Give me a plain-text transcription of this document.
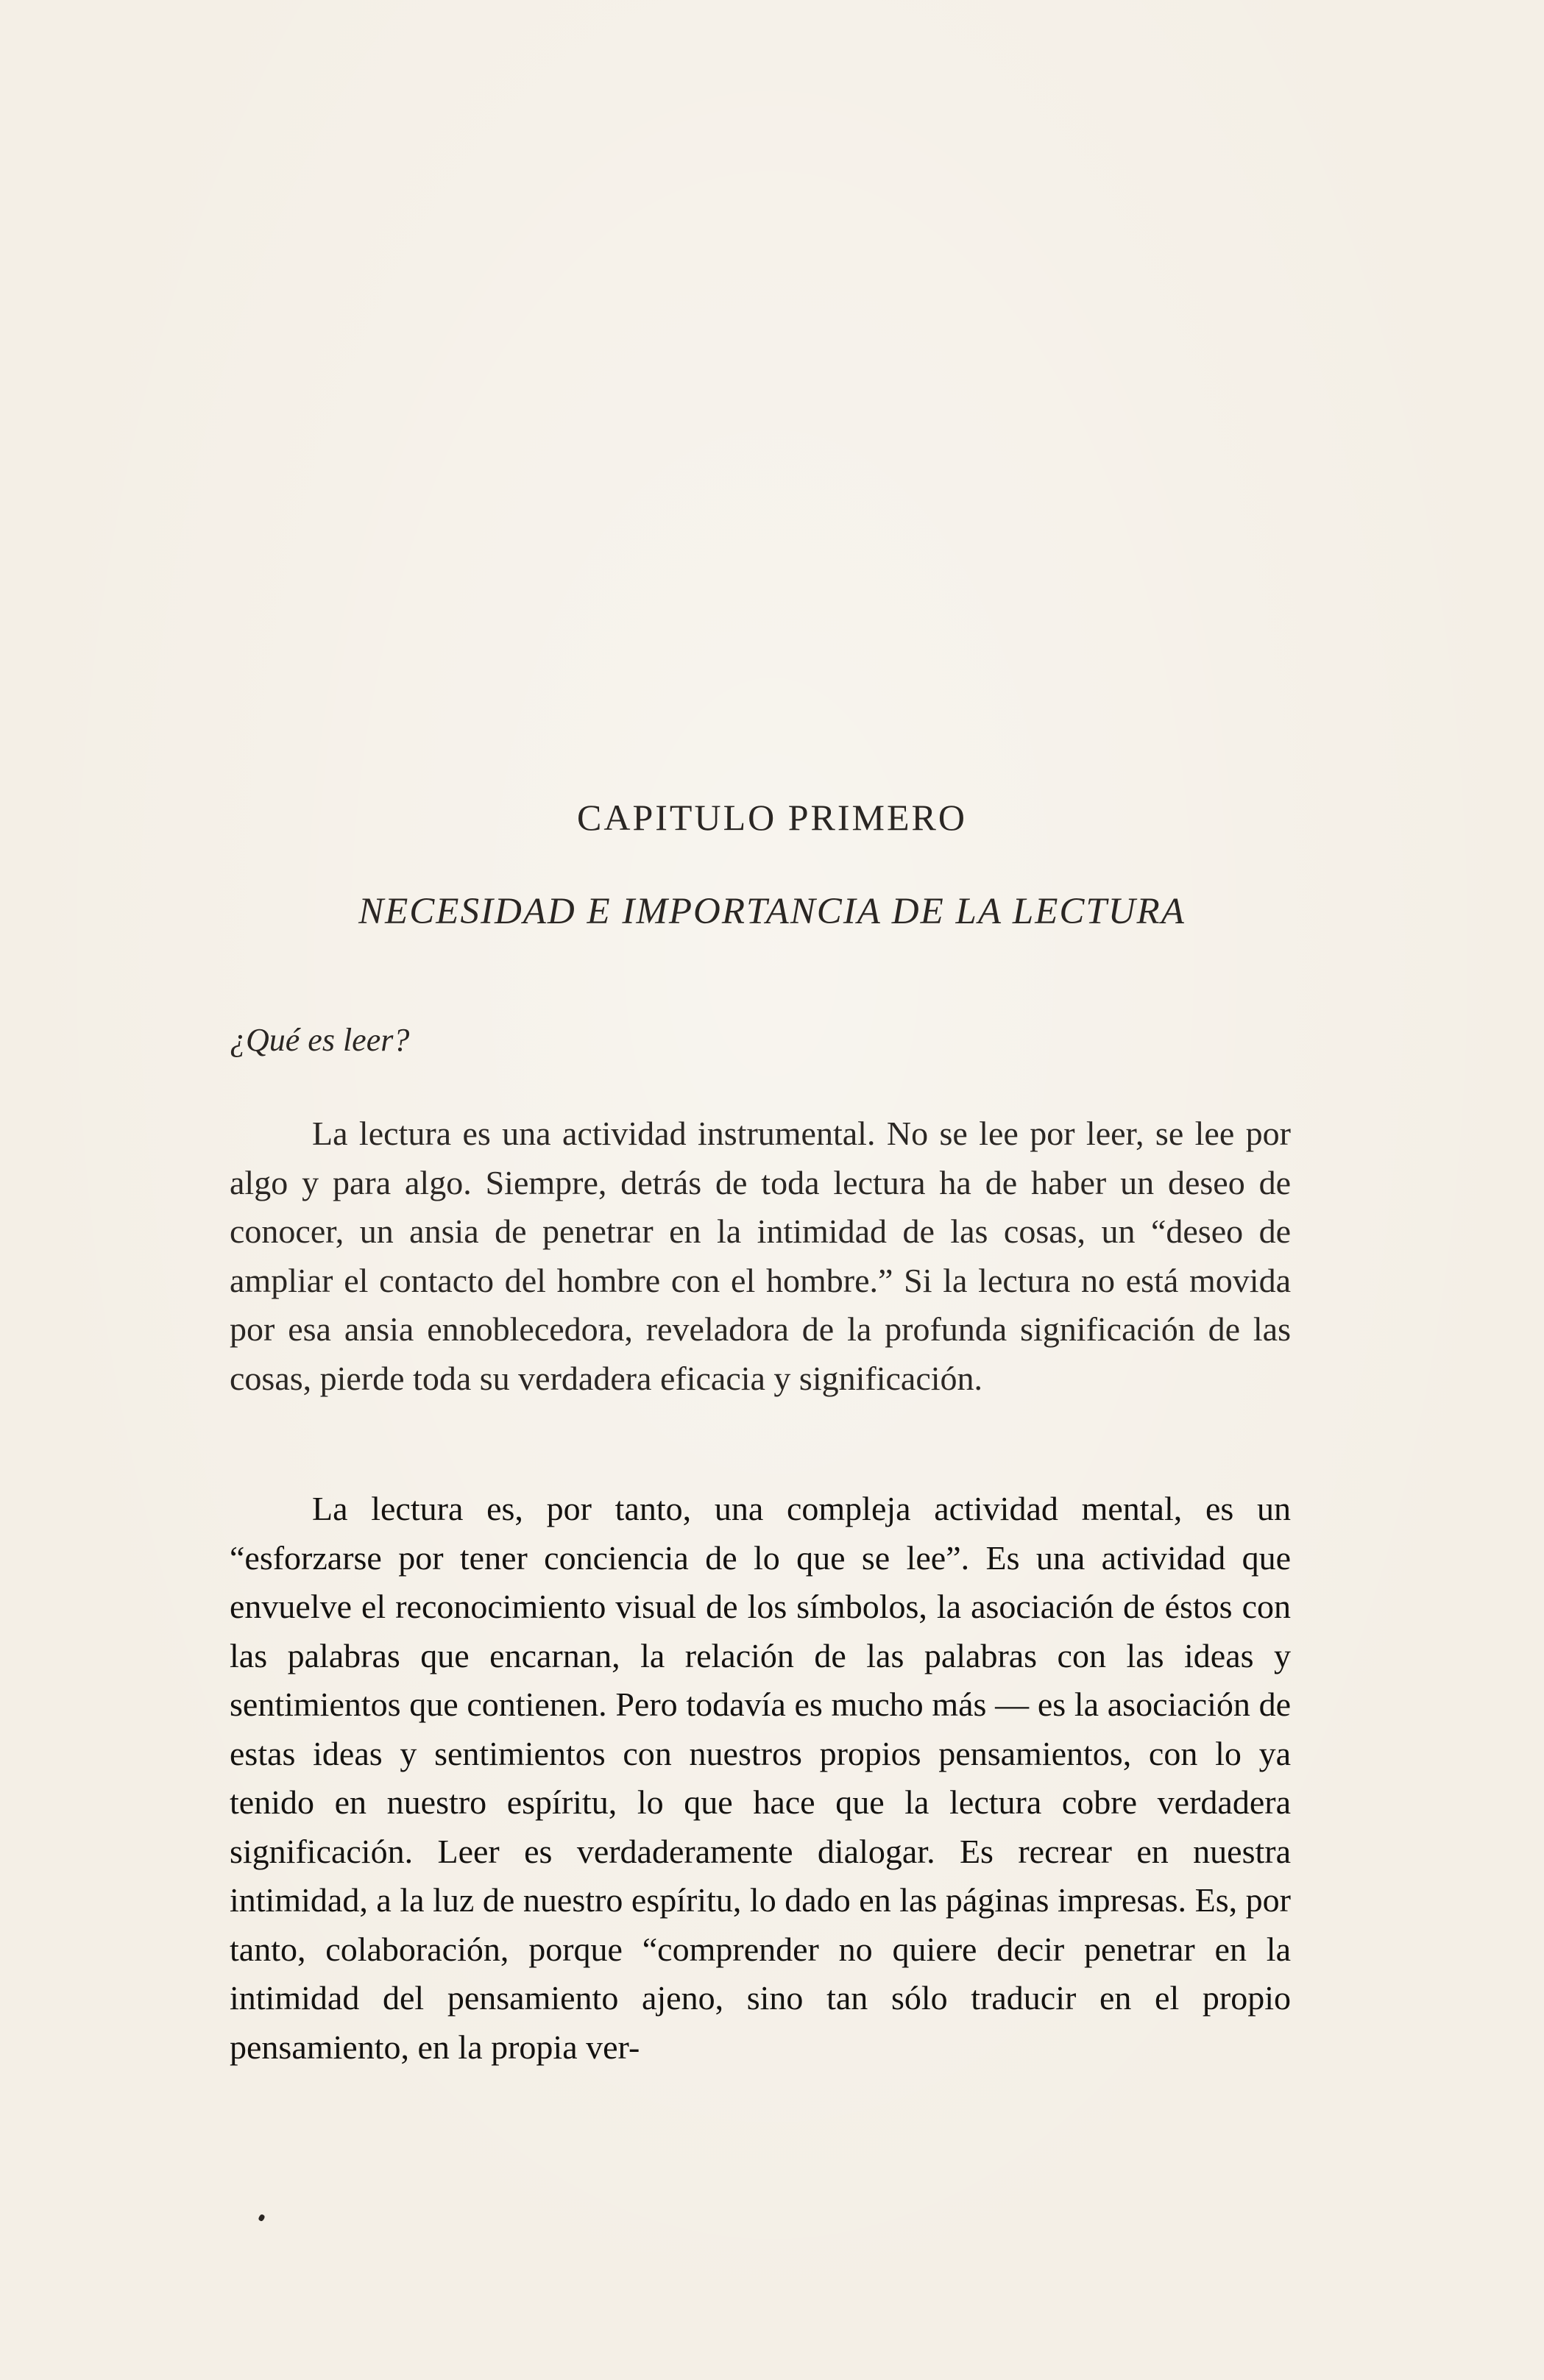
CAPITULO PRIMERO
NECESIDAD E IMPORTANCIA DE LA LECTURA
¿Qué es leer?

La lectura es una actividad instrumental. No se lee por leer, se lee por algo y para algo. Siempre, detrás de toda lectura ha de haber un deseo de conocer, un ansia de penetrar en la intimidad de las cosas, un “deseo de ampliar el contacto del hombre con el hombre.” Si la lectura no está movida por esa ansia ennoblecedora, reveladora de la profunda significación de las cosas, pierde toda su verdadera eficacia y significación.

La lectura es, por tanto, una compleja actividad mental, es un “esforzarse por tener conciencia de lo que se lee”. Es una actividad que envuelve el reconocimiento visual de los símbolos, la asociación de éstos con las palabras que encarnan, la relación de las palabras con las ideas y sentimientos que contienen. Pero todavía es mucho más — es la asociación de estas ideas y sentimientos con nuestros propios pensamientos, con lo ya tenido en nuestro espíritu, lo que hace que la lectura cobre verdadera significación. Leer es verdaderamente dialogar. Es recrear en nuestra intimidad, a la luz de nuestro espíritu, lo dado en las páginas impresas. Es, por tanto, colaboración, porque “comprender no quiere decir penetrar en la intimidad del pensamiento ajeno, sino tan sólo traducir en el propio pensamiento, en la propia ver-
